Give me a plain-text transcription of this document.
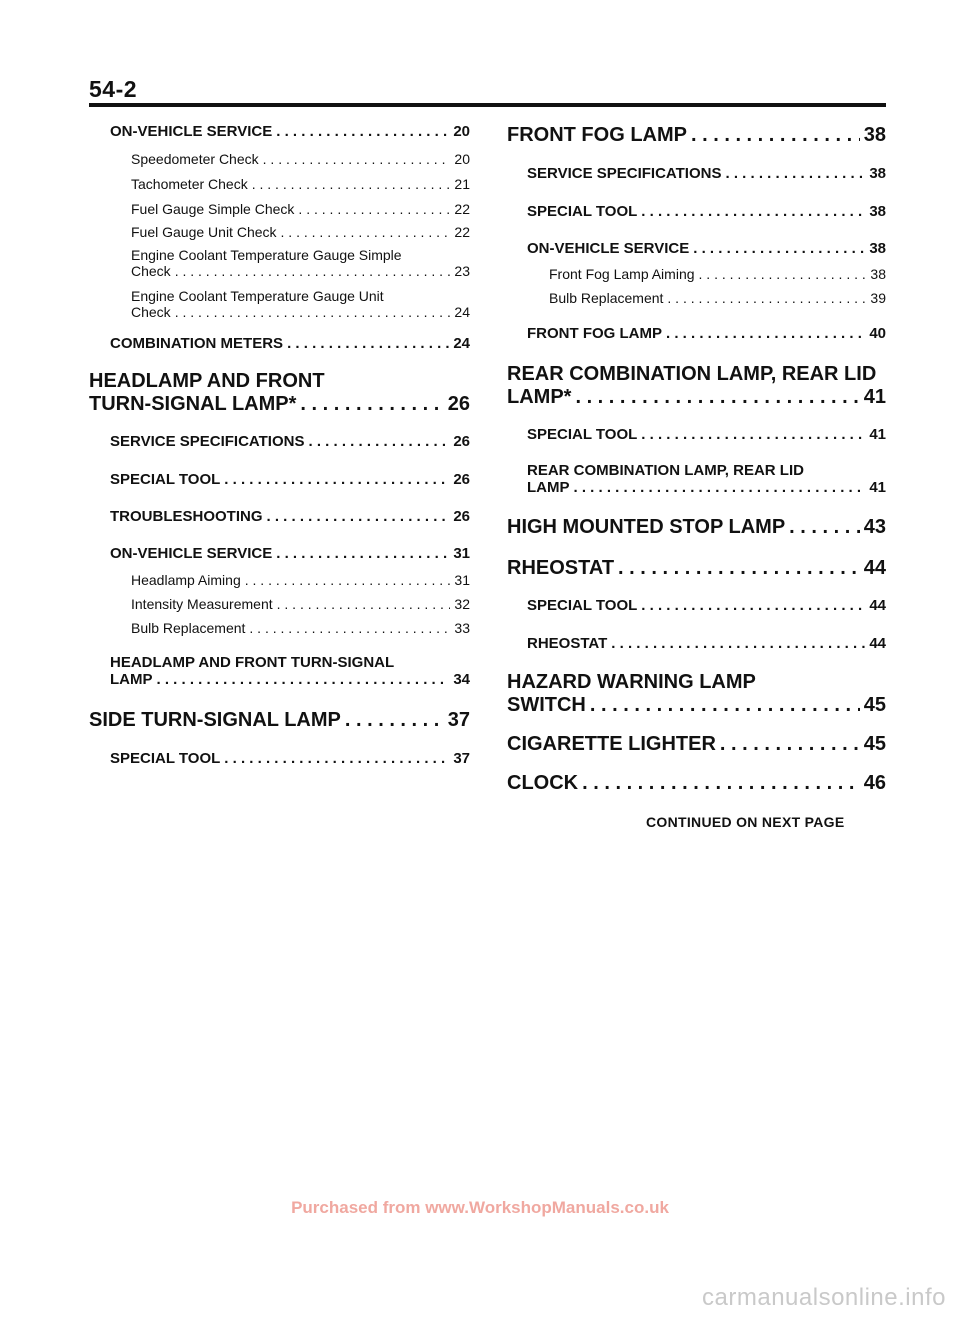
54-2
ON-VEHICLE SERVICE . . .	20
Speedometer Check . . .	20
Tachometer Check . . .	21
Fuel Gauge Simple Check . . .	22
Fuel Gauge Unit Check . . .	22
Engine Coolant Temperature Gauge Simple
Check . . .	23
Engine Coolant Temperature Gauge Unit
Check . . .	24
COMBINATION METERS . . .	24
HEADLAMP AND FRONT
TURN-SIGNAL LAMP* . . .	26
SERVICE SPECIFICATIONS . . .	26
SPECIAL TOOL . . .	26
TROUBLESHOOTING . . .	26
ON-VEHICLE SERVICE . . .	31
Headlamp Aiming . . .	31
Intensity Measurement . . .	32
Bulb Replacement . . .	33
HEADLAMP AND FRONT TURN-SIGNAL
LAMP . . .	34
SIDE TURN-SIGNAL LAMP . . .	37
SPECIAL TOOL . . .	37
FRONT FOG LAMP . . .	38
SERVICE SPECIFICATIONS . . .	38
SPECIAL TOOL . . .	38
ON-VEHICLE SERVICE . . .	38
Front Fog Lamp Aiming . . .	38
Bulb Replacement . . .	39
FRONT FOG LAMP . . .	40
REAR COMBINATION LAMP, REAR LID
LAMP* . . .	41
SPECIAL TOOL . . .	41
REAR COMBINATION LAMP, REAR LID
LAMP . . .	41
HIGH MOUNTED STOP LAMP . . .	43
RHEOSTAT . . .	44
SPECIAL TOOL . . .	44
RHEOSTAT . . .	44
HAZARD WARNING LAMP
SWITCH . . .	45
CIGARETTE LIGHTER . . .	45
CLOCK . . .	46
CONTINUED ON NEXT PAGE
Purchased from www.WorkshopManuals.co.uk
carmanualsonline.info
